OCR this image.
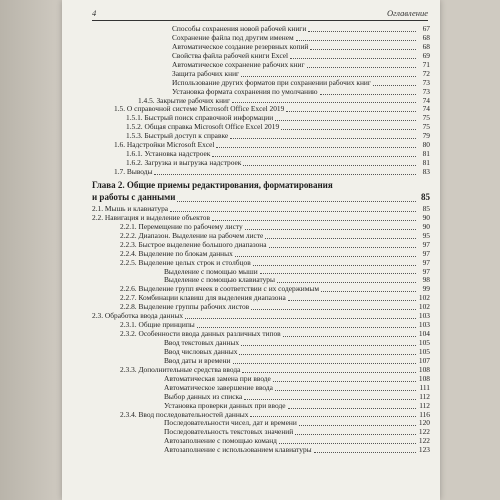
4	Оглавление
Способы сохранения новой рабочей книги	67
Сохранение файла под другим именем	68
Автоматическое создание резервных копий	68
Свойства файла рабочей книги Excel	69
Автоматическое сохранение рабочих книг	71
Защита рабочих книг	72
Использование других форматов при сохранении рабочих книг	73
Установка формата сохранения по умолчанию	73
1.4.5. Закрытие рабочих книг	74
1.5. О справочной системе Microsoft Office Excel 2019	74
1.5.1. Быстрый поиск справочной информации	75
1.5.2. Общая справка Microsoft Office Excel 2019	75
1.5.3. Быстрый доступ к справке	79
1.6. Надстройки Microsoft Excel	80
1.6.1. Установка надстроек	81
1.6.2. Загрузка и выгрузка надстроек	81
1.7. Выводы	83
Глава 2. Общие приемы редактирования, форматирования
и работы с данными	85
2.1. Мышь и клавиатура	85
2.2. Навигация и выделение объектов	90
2.2.1. Перемещение по рабочему листу	90
2.2.2. Диапазон. Выделение на рабочем листе	95
2.2.3. Быстрое выделение большого диапазона	97
2.2.4. Выделение по блокам данных	97
2.2.5. Выделение целых строк и столбцов	97
Выделение с помощью мыши	97
Выделение с помощью клавиатуры	98
2.2.6. Выделение групп ячеек в соответствии с их содержимым	99
2.2.7. Комбинации клавиш для выделения диапазона	102
2.2.8. Выделение группы рабочих листов	102
2.3. Обработка ввода данных	103
2.3.1. Общие принципы	103
2.3.2. Особенности ввода данных различных типов	104
Ввод текстовых данных	105
Ввод числовых данных	105
Ввод даты и времени	107
2.3.3. Дополнительные средства ввода	108
Автоматическая замена при вводе	108
Автоматическое завершение ввода	111
Выбор данных из списка	112
Установка проверки данных при вводе	112
2.3.4. Ввод последовательностей данных	116
Последовательности чисел, дат и времени	120
Последовательность текстовых значений	122
Автозаполнение с помощью команд	122
Автозаполнение с использованием клавиатуры	123
